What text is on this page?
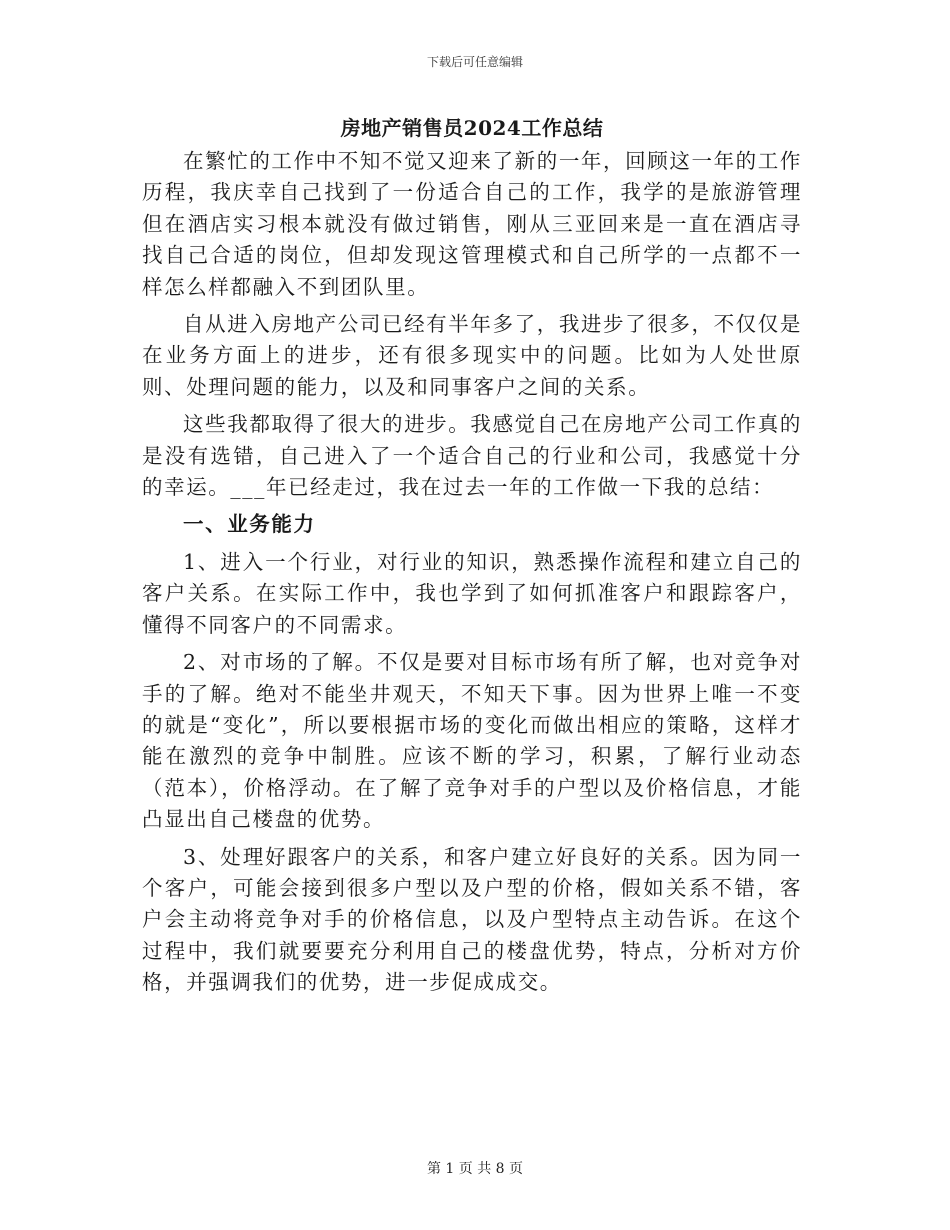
下载后可任意编辑
房地产销售员2024工作总结

在繁忙的工作中不知不觉又迎来了新的一年，回顾这一年的工作历程，我庆幸自己找到了一份适合自己的工作，我学的是旅游管理但在酒店实习根本就没有做过销售，刚从三亚回来是一直在酒店寻找自己合适的岗位，但却发现这管理模式和自己所学的一点都不一样怎么样都融入不到团队里。

自从进入房地产公司已经有半年多了，我进步了很多，不仅仅是在业务方面上的进步，还有很多现实中的问题。比如为人处世原则、处理问题的能力，以及和同事客户之间的关系。

这些我都取得了很大的进步。我感觉自己在房地产公司工作真的是没有选错，自己进入了一个适合自己的行业和公司，我感觉十分的幸运。___年已经走过，我在过去一年的工作做一下我的总结：

一、业务能力

1、进入一个行业，对行业的知识，熟悉操作流程和建立自己的客户关系。在实际工作中，我也学到了如何抓准客户和跟踪客户，懂得不同客户的不同需求。

2、对市场的了解。不仅是要对目标市场有所了解，也对竞争对手的了解。绝对不能坐井观天，不知天下事。因为世界上唯一不变的就是“变化”，所以要根据市场的变化而做出相应的策略，这样才能在激烈的竞争中制胜。应该不断的学习，积累，了解行业动态（范本），价格浮动。在了解了竞争对手的户型以及价格信息，才能凸显出自己楼盘的优势。

3、处理好跟客户的关系，和客户建立好良好的关系。因为同一个客户，可能会接到很多户型以及户型的价格，假如关系不错，客户会主动将竞争对手的价格信息，以及户型特点主动告诉。在这个过程中，我们就要要充分利用自己的楼盘优势，特点，分析对方价格，并强调我们的优势，进一步促成成交。

第 1 页 共 8 页
